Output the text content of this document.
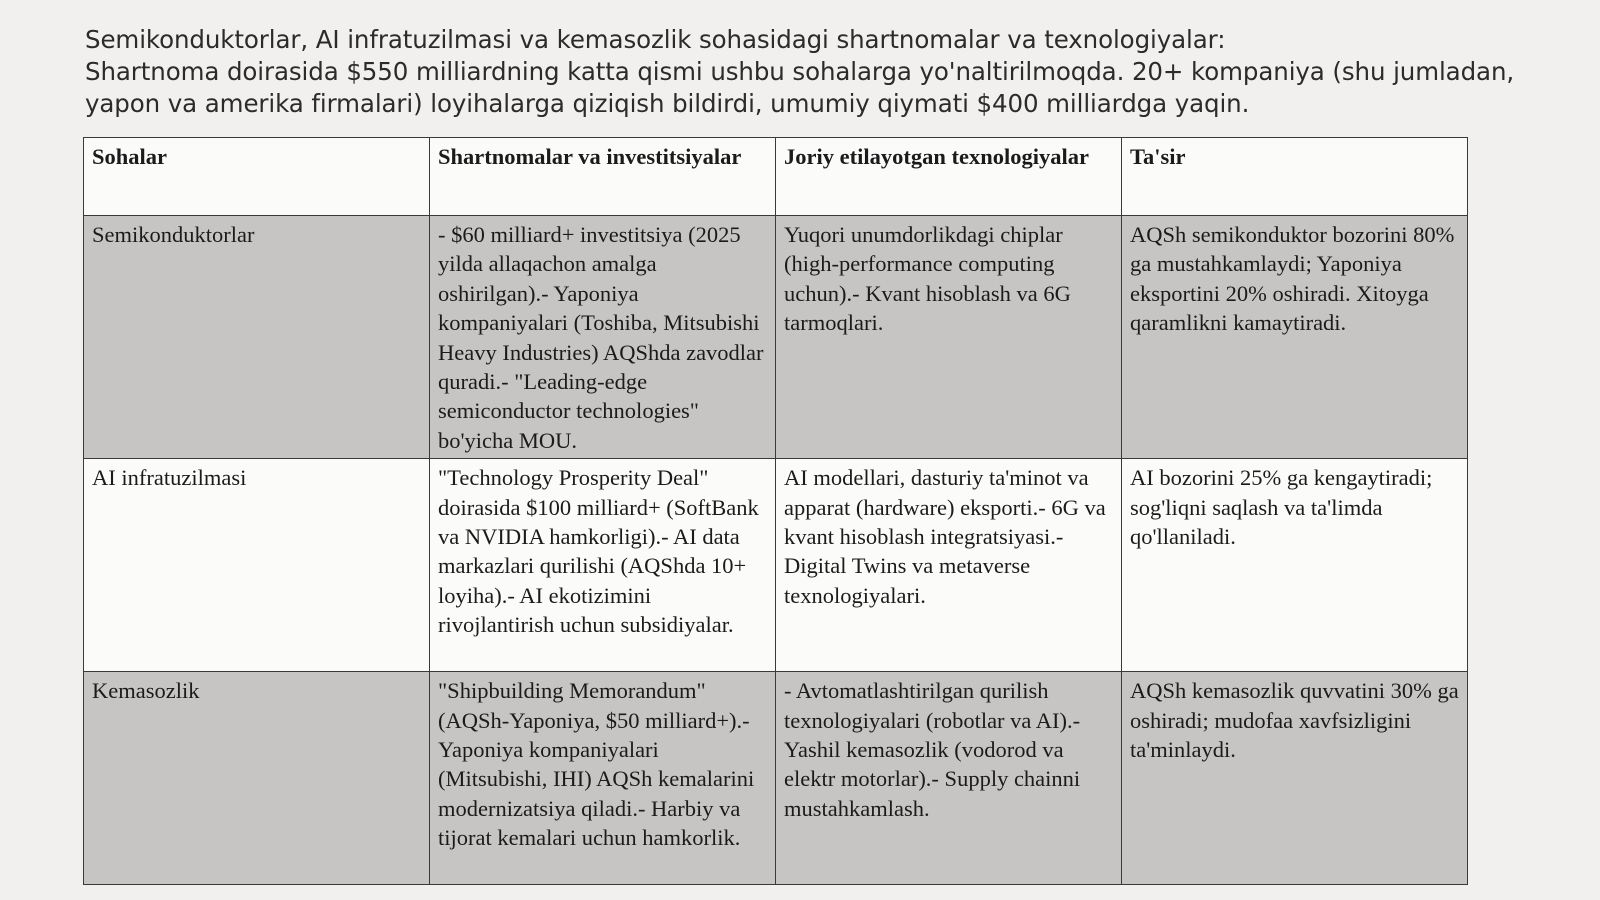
Semikonduktorlar, AI infratuzilmasi va kemasozlik sohasidagi shartnomalar va texnologiyalar:

Shartnoma doirasida $550 milliardning katta qismi ushbu sohalarga yo'naltirilmoqda. 20+ kompaniya (shu jumladan, yapon va amerika firmalari) loyihalarga qiziqish bildirdi, umumiy qiymati $400 milliardga yaqin.

Sohalar	Shartnomalar va investitsiyalar	Joriy etilayotgan texnologiyalar	Ta'sir
Semikonduktorlar	- $60 milliard+ investitsiya (2025 yilda allaqachon amalga oshirilgan).- Yaponiya kompaniyalari (Toshiba, Mitsubishi Heavy Industries) AQShda zavodlar quradi.- "Leading-edge semiconductor technologies" bo'yicha MOU.	Yuqori unumdorlikdagi chiplar (high-performance computing uchun).- Kvant hisoblash va 6G tarmoqlari.	AQSh semikonduktor bozorini 80% ga mustahkamlaydi; Yaponiya eksportini 20% oshiradi. Xitoyga qaramlikni kamaytiradi.
AI infratuzilmasi	"Technology Prosperity Deal" doirasida $100 milliard+ (SoftBank va NVIDIA hamkorligi).- AI data markazlari qurilishi (AQShda 10+ loyiha).- AI ekotizimini rivojlantirish uchun subsidiyalar.	AI modellari, dasturiy ta'minot va apparat (hardware) eksporti.- 6G va kvant hisoblash integratsiyasi.- Digital Twins va metaverse texnologiyalari.	AI bozorini 25% ga kengaytiradi; sog'liqni saqlash va ta'limda qo'llaniladi.
Kemasozlik	"Shipbuilding Memorandum" (AQSh-Yaponiya, $50 milliard+).- Yaponiya kompaniyalari (Mitsubishi, IHI) AQSh kemalarini modernizatsiya qiladi.- Harbiy va tijorat kemalari uchun hamkorlik.	- Avtomatlashtirilgan qurilish texnologiyalari (robotlar va AI).- Yashil kemasozlik (vodorod va elektr motorlar).- Supply chainni mustahkamlash.	AQSh kemasozlik quvvatini 30% ga oshiradi; mudofaa xavfsizligini ta'minlaydi.
